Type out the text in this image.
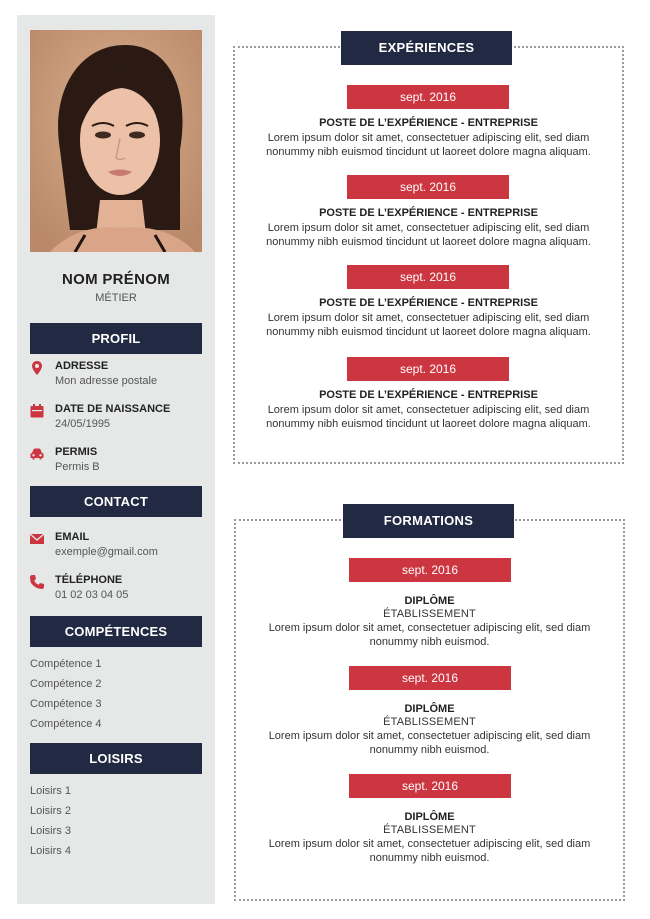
NOM PRÉNOM
MÉTIER
PROFIL
ADRESSE
Mon adresse postale
DATE DE NAISSANCE
24/05/1995
PERMIS
Permis B
CONTACT
EMAIL
exemple@gmail.com
TÉLÉPHONE
01 02 03 04 05
COMPÉTENCES
Compétence 1
Compétence 2
Compétence 3
Compétence 4
LOISIRS
Loisirs 1
Loisirs 2
Loisirs 3
Loisirs 4
EXPÉRIENCES
sept. 2016
POSTE DE L’EXPÉRIENCE - ENTREPRISE
Lorem ipsum dolor sit amet, consectetuer adipiscing elit, sed diam
nonummy nibh euismod tincidunt ut laoreet dolore magna aliquam.
sept. 2016
POSTE DE L’EXPÉRIENCE - ENTREPRISE
Lorem ipsum dolor sit amet, consectetuer adipiscing elit, sed diam
nonummy nibh euismod tincidunt ut laoreet dolore magna aliquam.
sept. 2016
POSTE DE L’EXPÉRIENCE - ENTREPRISE
Lorem ipsum dolor sit amet, consectetuer adipiscing elit, sed diam
nonummy nibh euismod tincidunt ut laoreet dolore magna aliquam.
sept. 2016
POSTE DE L’EXPÉRIENCE - ENTREPRISE
Lorem ipsum dolor sit amet, consectetuer adipiscing elit, sed diam
nonummy nibh euismod tincidunt ut laoreet dolore magna aliquam.
FORMATIONS
sept. 2016
DIPLÔME
ÉTABLISSEMENT
Lorem ipsum dolor sit amet, consectetuer adipiscing elit, sed diam
nonummy nibh euismod.
sept. 2016
DIPLÔME
ÉTABLISSEMENT
Lorem ipsum dolor sit amet, consectetuer adipiscing elit, sed diam
nonummy nibh euismod.
sept. 2016
DIPLÔME
ÉTABLISSEMENT
Lorem ipsum dolor sit amet, consectetuer adipiscing elit, sed diam
nonummy nibh euismod.
